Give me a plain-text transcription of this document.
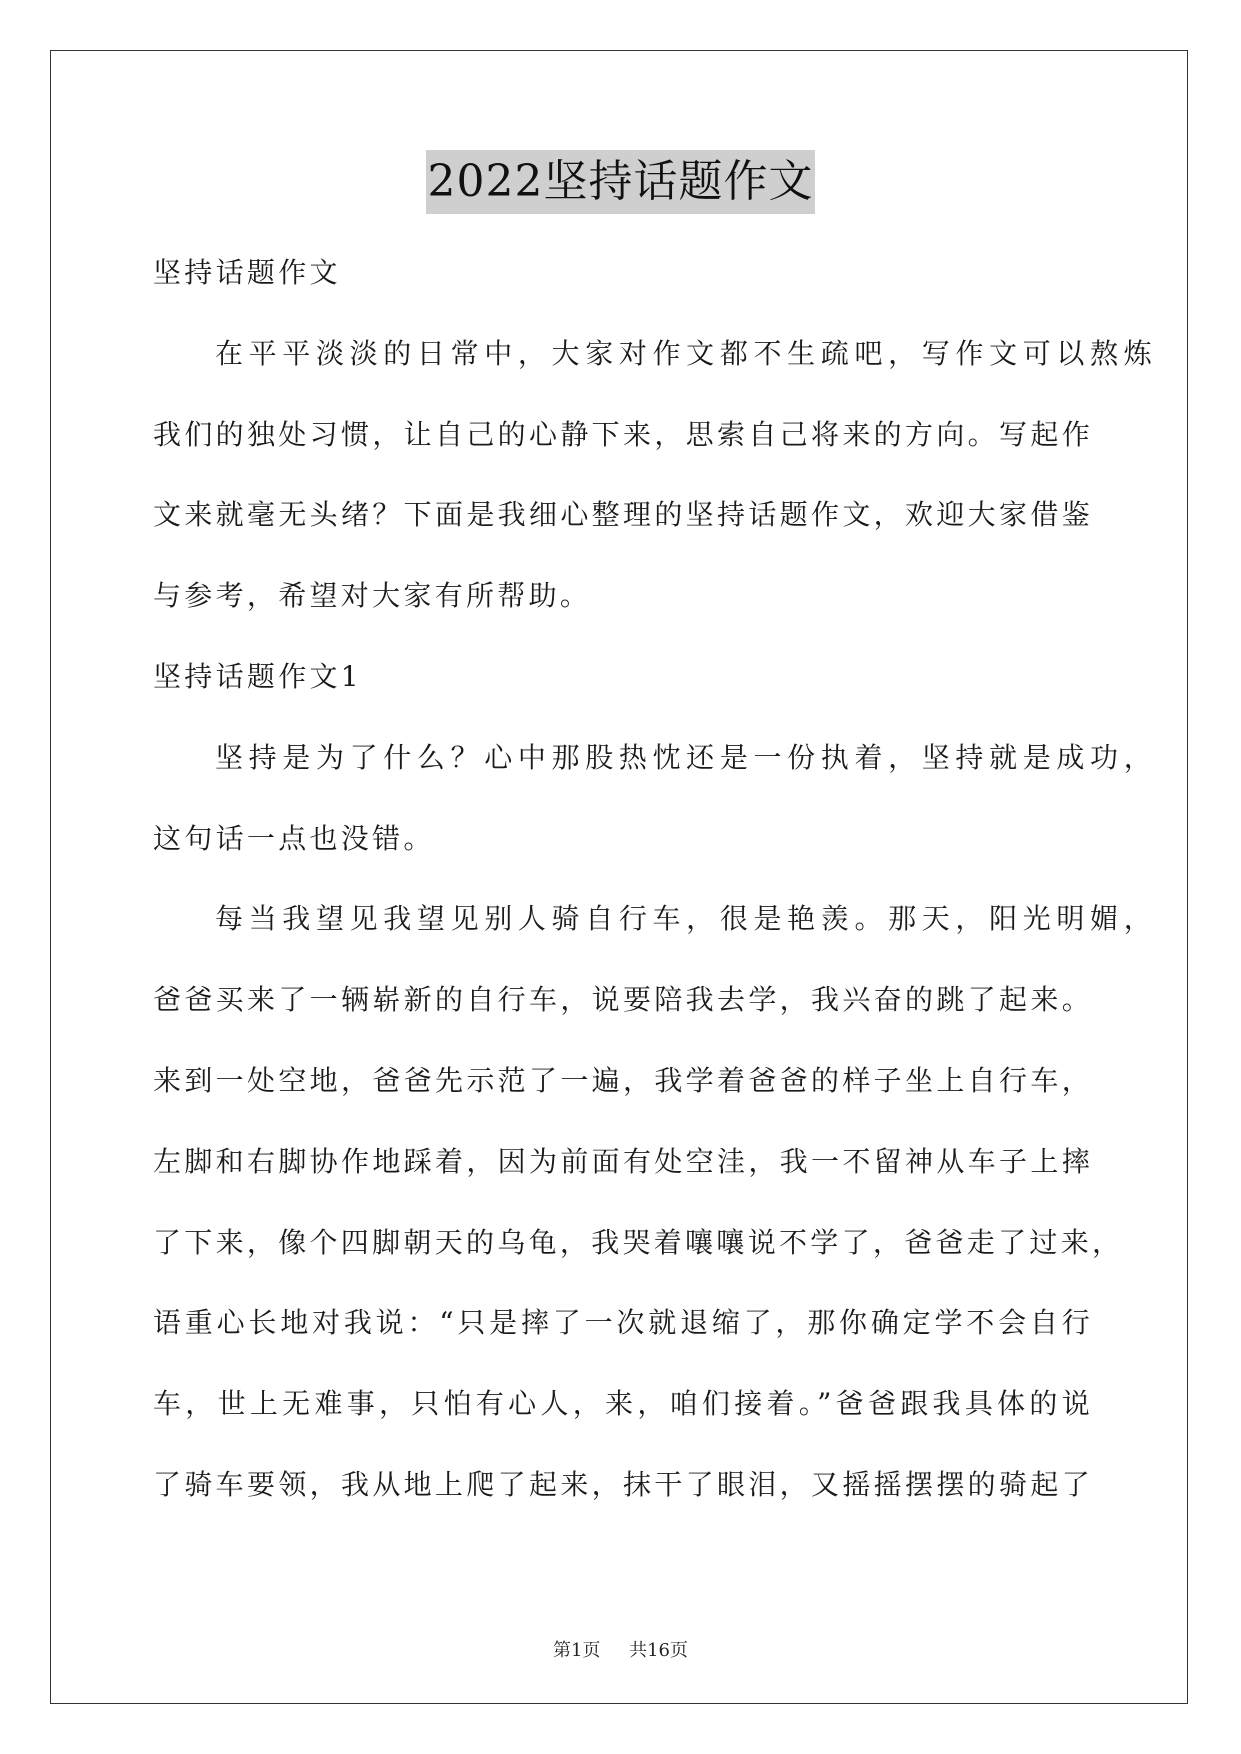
2022坚持话题作文
坚持话题作文
在平平淡淡的日常中，大家对作文都不生疏吧，写作文可以熬炼
我们的独处习惯，让自己的心静下来，思索自己将来的方向。写起作
文来就毫无头绪？下面是我细心整理的坚持话题作文，欢迎大家借鉴
与参考，希望对大家有所帮助。
坚持话题作文1
坚持是为了什么？心中那股热忱还是一份执着，坚持就是成功，
这句话一点也没错。
每当我望见我望见别人骑自行车，很是艳羡。那天，阳光明媚，
爸爸买来了一辆崭新的自行车，说要陪我去学，我兴奋的跳了起来。
来到一处空地，爸爸先示范了一遍，我学着爸爸的样子坐上自行车，
左脚和右脚协作地踩着，因为前面有处空洼，我一不留神从车子上摔
了下来，像个四脚朝天的乌龟，我哭着嚷嚷说不学了，爸爸走了过来，
语重心长地对我说：“只是摔了一次就退缩了，那你确定学不会自行
车，世上无难事，只怕有心人，来，咱们接着。”爸爸跟我具体的说
了骑车要领，我从地上爬了起来，抹干了眼泪，又摇摇摆摆的骑起了
第1页 共16页
